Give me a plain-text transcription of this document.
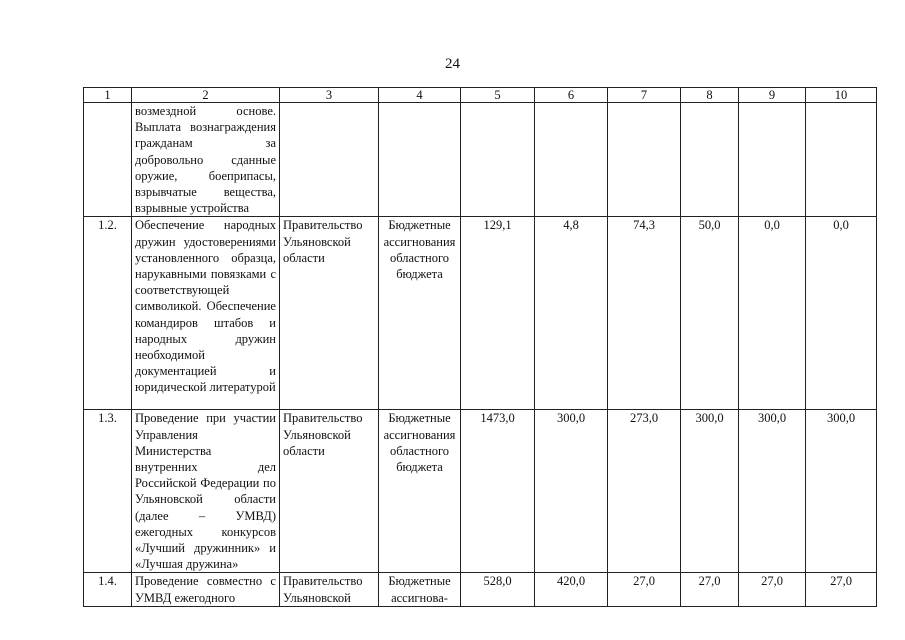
24
1	2	3	4	5	6	7	8	9	10
	возмездной основе. Выплата вознаграждения гражданам за добровольно сданные оружие, боеприпасы, взрывчатые вещества, взрывные устройства								
1.2.	Обеспечение народных дружин удостоверениями установленного образца, нарукавными повязками с соответствующей символикой. Обеспечение командиров штабов и народных дружин необходимой документацией и юридической литературой	Правительство Ульяновской области	Бюджетные ассигнования областного бюджета	129,1	4,8	74,3	50,0	0,0	0,0
1.3.	Проведение при участии Управления Министерства внутренних дел Российской Федерации по Ульяновской области (далее – УМВД) ежегодных конкурсов «Лучший дружинник» и «Лучшая дружина»	Правительство Ульяновской области	Бюджетные ассигнования областного бюджета	1473,0	300,0	273,0	300,0	300,0	300,0
1.4.	Проведение совместно с УМВД ежегодного	Правительство Ульяновской	Бюджетные ассигнова-	528,0	420,0	27,0	27,0	27,0	27,0
